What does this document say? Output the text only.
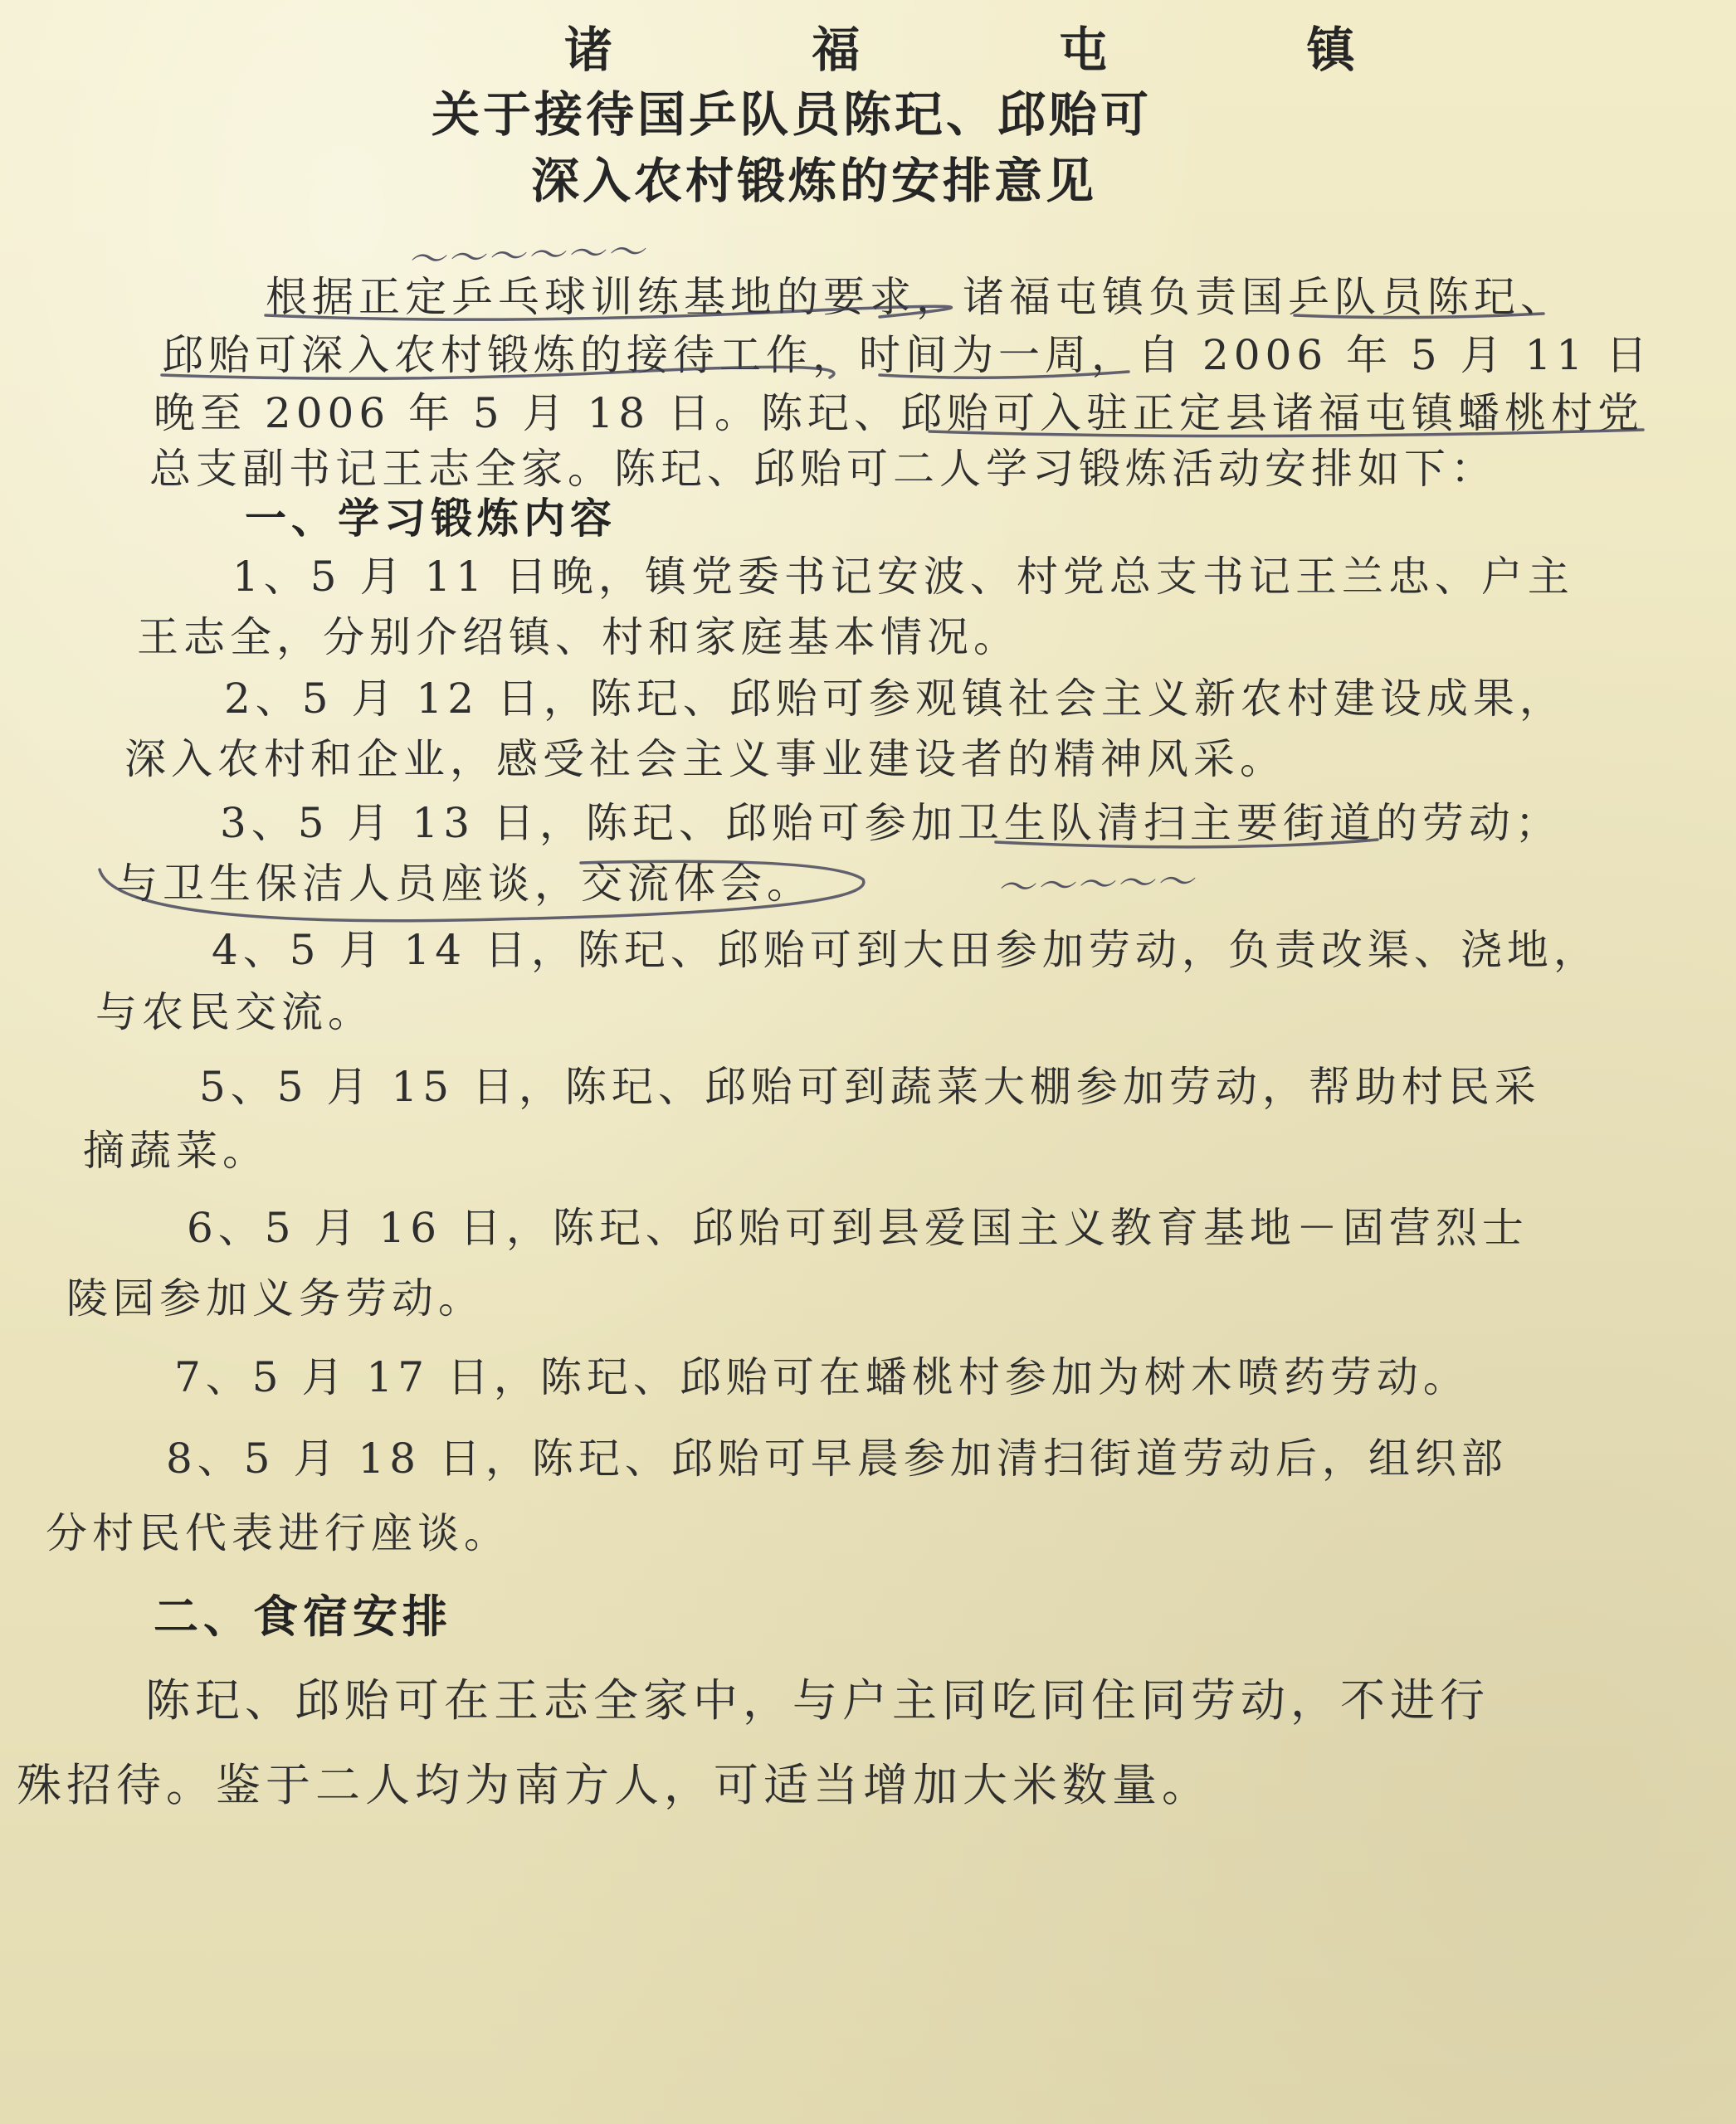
诸 福 屯 镇

关于接待国乒队员陈玘、邱贻可

深入农村锻炼的安排意见

〜〜〜〜〜〜

根据正定乒乓球训练基地的要求，诸福屯镇负责国乒队员陈玘、

邱贻可深入农村锻炼的接待工作，时间为一周，自 2006 年 5 月 11 日

晚至 2006 年 5 月 18 日。陈玘、邱贻可入驻正定县诸福屯镇蟠桃村党

总支副书记王志全家。陈玘、邱贻可二人学习锻炼活动安排如下：

一、学习锻炼内容

1、5 月 11 日晚，镇党委书记安波、村党总支书记王兰忠、户主

王志全，分别介绍镇、村和家庭基本情况。

2、5 月 12 日，陈玘、邱贻可参观镇社会主义新农村建设成果，

深入农村和企业，感受社会主义事业建设者的精神风采。

3、5 月 13 日，陈玘、邱贻可参加卫生队清扫主要街道的劳动；

与卫生保洁人员座谈，交流体会。	〜〜〜〜〜

4、5 月 14 日，陈玘、邱贻可到大田参加劳动，负责改渠、浇地，

与农民交流。

5、5 月 15 日，陈玘、邱贻可到蔬菜大棚参加劳动，帮助村民采

摘蔬菜。

6、5 月 16 日，陈玘、邱贻可到县爱国主义教育基地－固营烈士

陵园参加义务劳动。

7、5 月 17 日，陈玘、邱贻可在蟠桃村参加为树木喷药劳动。

8、5 月 18 日，陈玘、邱贻可早晨参加清扫街道劳动后，组织部

分村民代表进行座谈。

二、食宿安排

陈玘、邱贻可在王志全家中，与户主同吃同住同劳动，不进行

殊招待。鉴于二人均为南方人，可适当增加大米数量。
